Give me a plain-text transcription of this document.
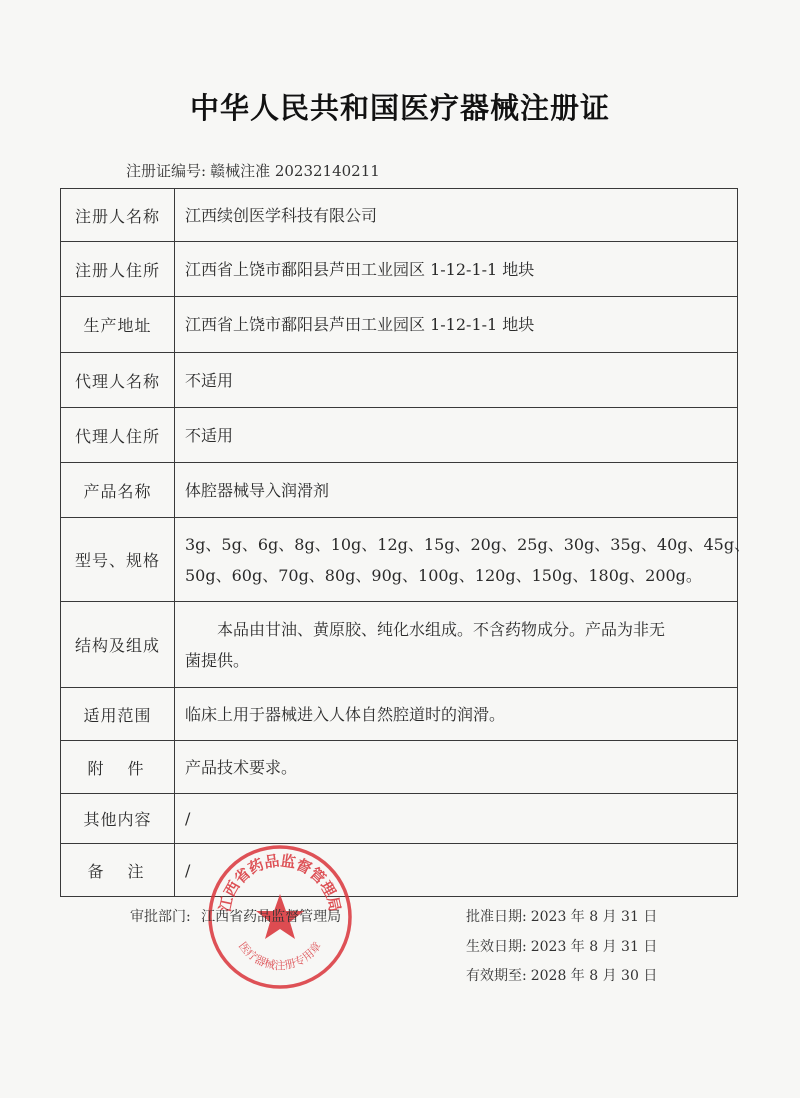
中华人民共和国医疗器械注册证
注册证编号: 赣械注准 20232140211
注册人名称	江西续创医学科技有限公司
注册人住所	江西省上饶市鄱阳县芦田工业园区 1-12-1-1 地块
生产地址	江西省上饶市鄱阳县芦田工业园区 1-12-1-1 地块
代理人名称	不适用
代理人住所	不适用
产品名称	体腔器械导入润滑剂
型号、规格	3g、5g、6g、8g、10g、12g、15g、20g、25g、30g、35g、40g、45g、
50g、60g、70g、80g、90g、100g、120g、150g、180g、200g。

结构及组成	本品由甘油、黄原胶、纯化水组成。不含药物成分。产品为非无
菌提供。

适用范围	临床上用于器械进入人体自然腔道时的润滑。
附　件	产品技术要求。
其他内容	/
备　注	/
江西省药品监督管理局
医疗器械注册专用章
审批部门: 江西省药品监督管理局	批准日期: 2023 年 8 月 31 日
生效日期: 2023 年 8 月 31 日
有效期至: 2028 年 8 月 30 日
